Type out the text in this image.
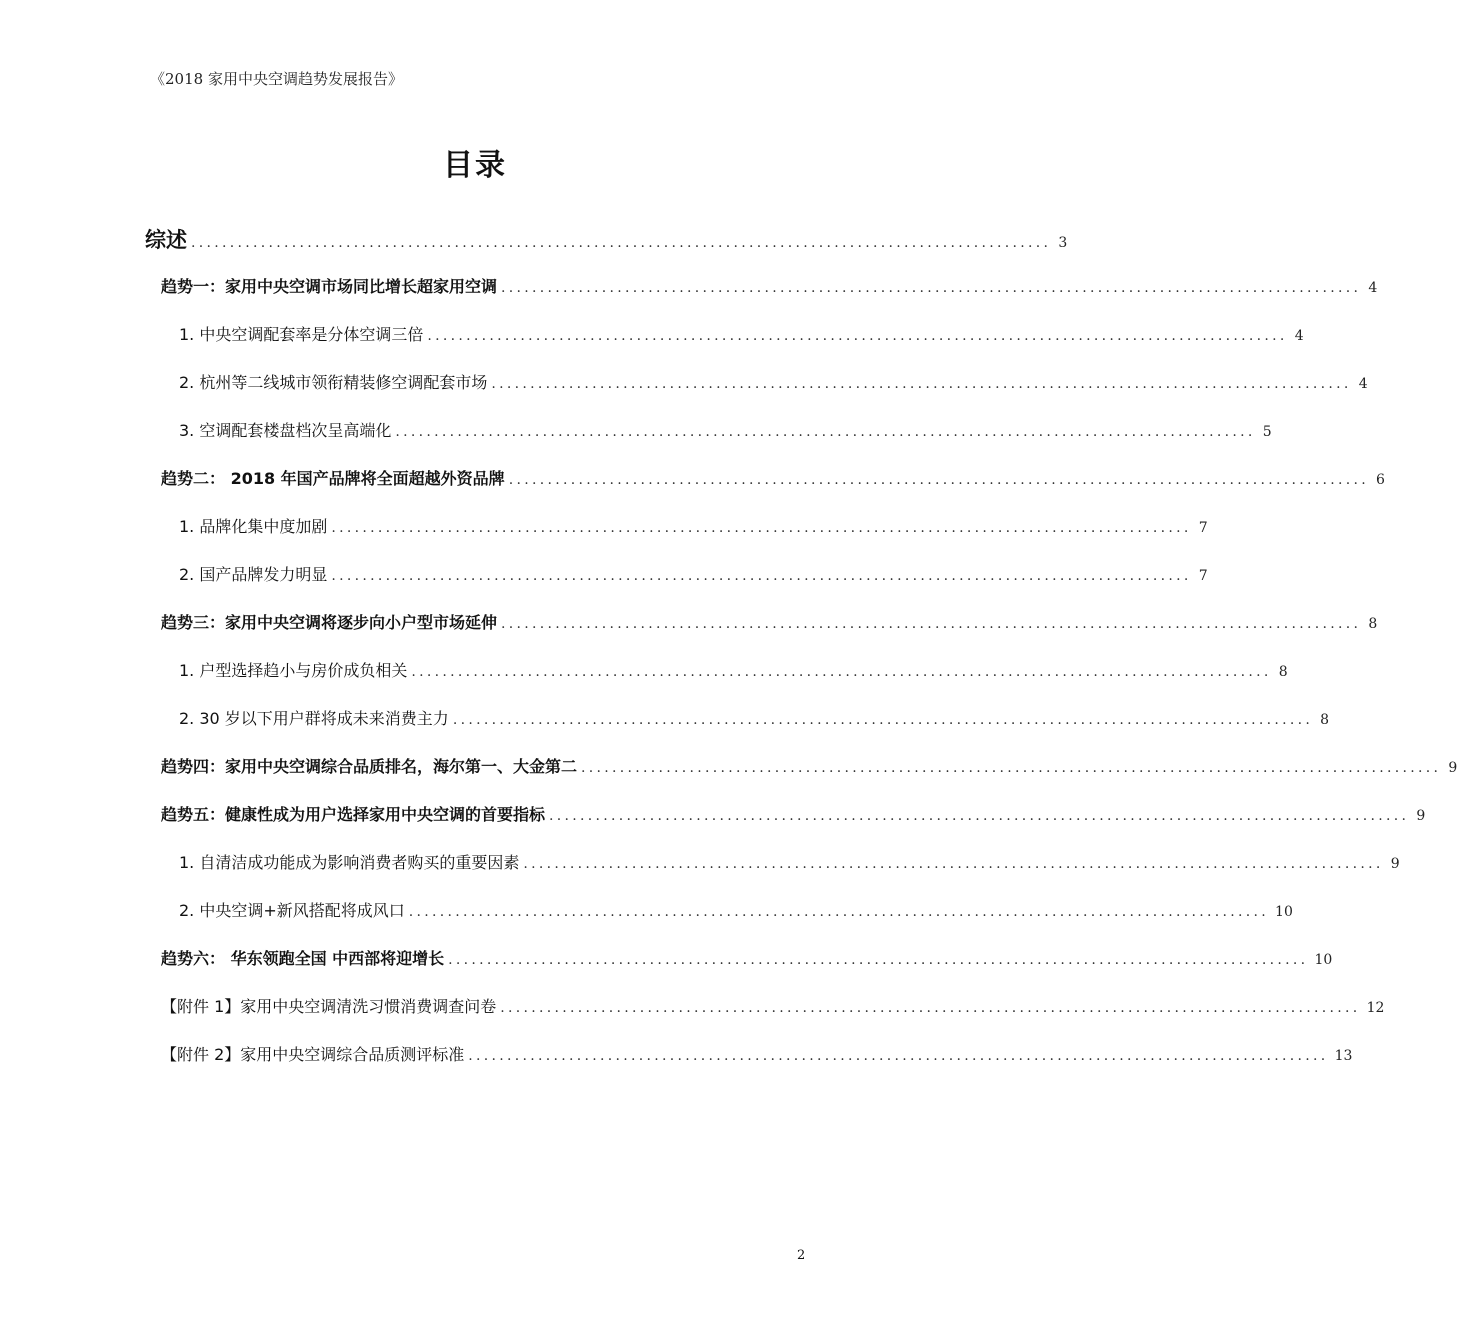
《2018 家用中央空调趋势发展报告》
目录
综述 ............................................................................................................... 3
趋势一：家用中央空调市场同比增长超家用空调 ............................................................................................................... 4
1. 中央空调配套率是分体空调三倍 ............................................................................................................... 4
2. 杭州等二线城市领衔精装修空调配套市场 ............................................................................................................... 4
3. 空调配套楼盘档次呈高端化 ............................................................................................................... 5
趋势二： 2018 年国产品牌将全面超越外资品牌 ............................................................................................................... 6
1. 品牌化集中度加剧 ............................................................................................................... 7
2. 国产品牌发力明显 ............................................................................................................... 7
趋势三：家用中央空调将逐步向小户型市场延伸 ............................................................................................................... 8
1. 户型选择趋小与房价成负相关 ............................................................................................................... 8
2. 30 岁以下用户群将成未来消费主力 ............................................................................................................... 8
趋势四：家用中央空调综合品质排名，海尔第一、大金第二 ............................................................................................................... 9
趋势五：健康性成为用户选择家用中央空调的首要指标 ............................................................................................................... 9
1. 自清洁成功能成为影响消费者购买的重要因素 ............................................................................................................... 9
2. 中央空调+新风搭配将成风口 ............................................................................................................... 10
趋势六： 华东领跑全国 中西部将迎增长 ............................................................................................................... 10
【附件 1】家用中央空调清洗习惯消费调查问卷 ............................................................................................................... 12
【附件 2】家用中央空调综合品质测评标准 ............................................................................................................... 13
2
